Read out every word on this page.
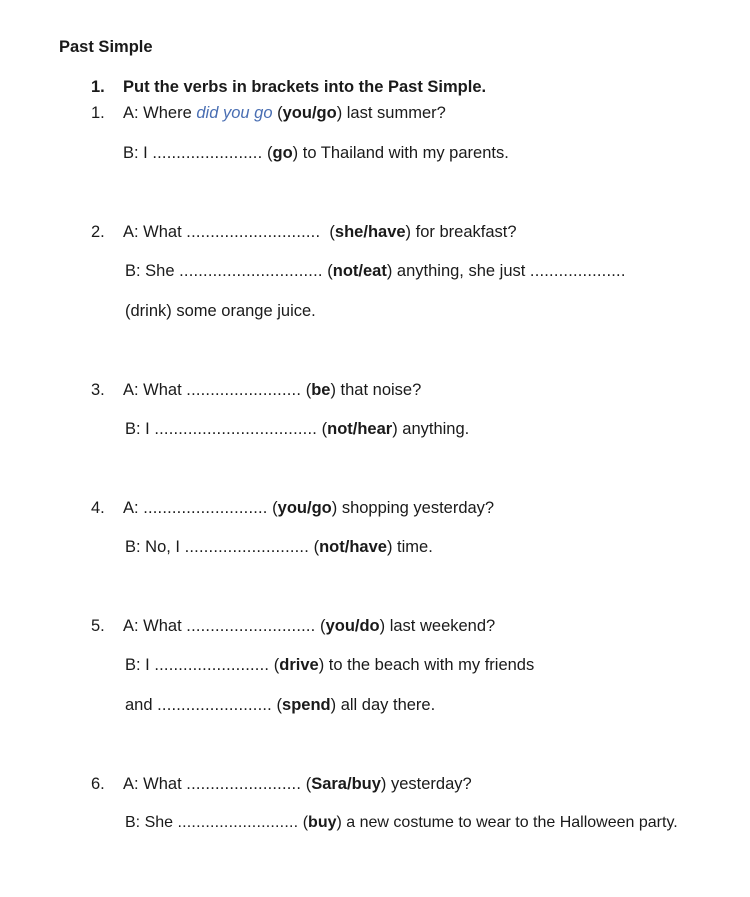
Past Simple
1. Put the verbs in brackets into the Past Simple.
1. A: Where did you go (you/go) last summer?
B: I ....................... (go) to Thailand with my parents.
2. A: What ............................  (she/have) for breakfast?
B: She .............................. (not/eat) anything, she just ....................
(drink) some orange juice.
3. A: What ........................ (be) that noise?
B: I .................................. (not/hear) anything.
4. A: .......................... (you/go) shopping yesterday?
B: No, I .......................... (not/have) time.
5. A: What ........................... (you/do) last weekend?
B: I ........................ (drive) to the beach with my friends
and ........................ (spend) all day there.
6. A: What ........................ (Sara/buy) yesterday?
B: She .......................... (buy) a new costume to wear to the Halloween party.
